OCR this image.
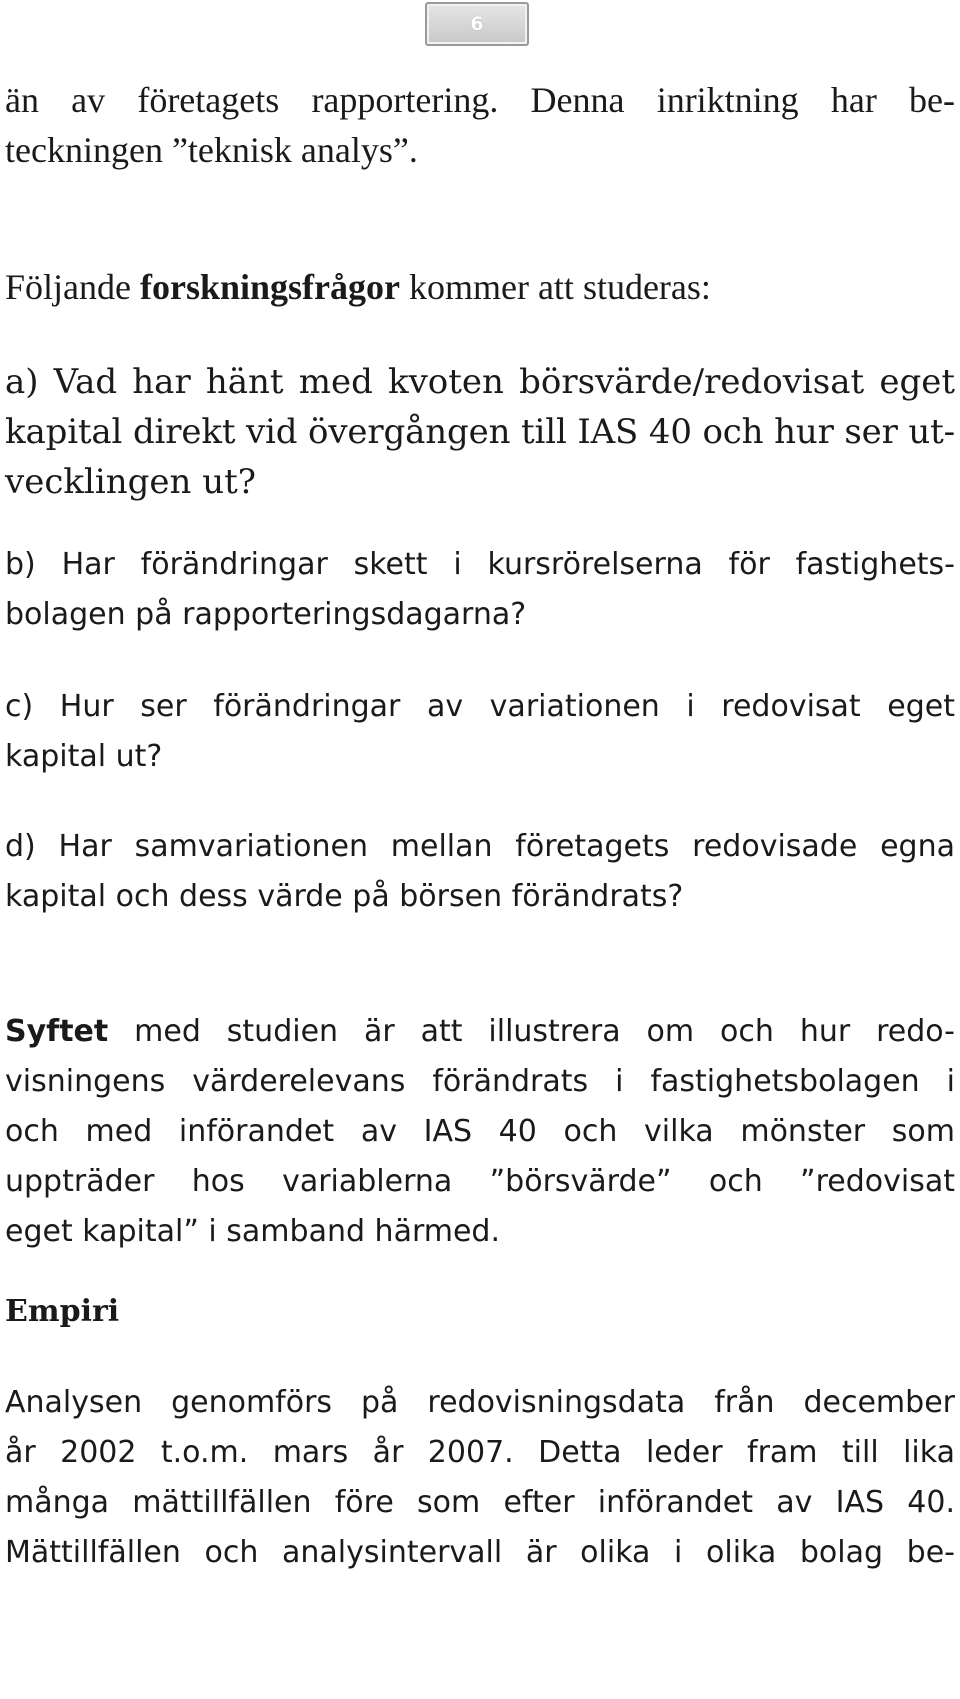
6
än av företagets rapportering. Denna inriktning har be-
teckningen ”teknisk analys”.
Följande forskningsfrågor kommer att studeras:
a) Vad har hänt med kvoten börsvärde/redovisat eget
kapital direkt vid övergången till IAS 40 och hur ser ut-
vecklingen ut?
b) Har förändringar skett i kursrörelserna för fastighets-
bolagen på rapporteringsdagarna?
c) Hur ser förändringar av variationen i redovisat eget
kapital ut?
d) Har samvariationen mellan företagets redovisade egna
kapital och dess värde på börsen förändrats?
Syftet med studien är att illustrera om och hur redo-
visningens värderelevans förändrats i fastighetsbolagen i
och med införandet av IAS 40 och vilka mönster som
uppträder hos variablerna ”börsvärde” och ”redovisat
eget kapital” i samband härmed.
Empiri
Analysen genomförs på redovisningsdata från december
år 2002 t.o.m. mars år 2007. Detta leder fram till lika
många mättillfällen före som efter införandet av IAS 40.
Mättillfällen och analysintervall är olika i olika bolag be-
